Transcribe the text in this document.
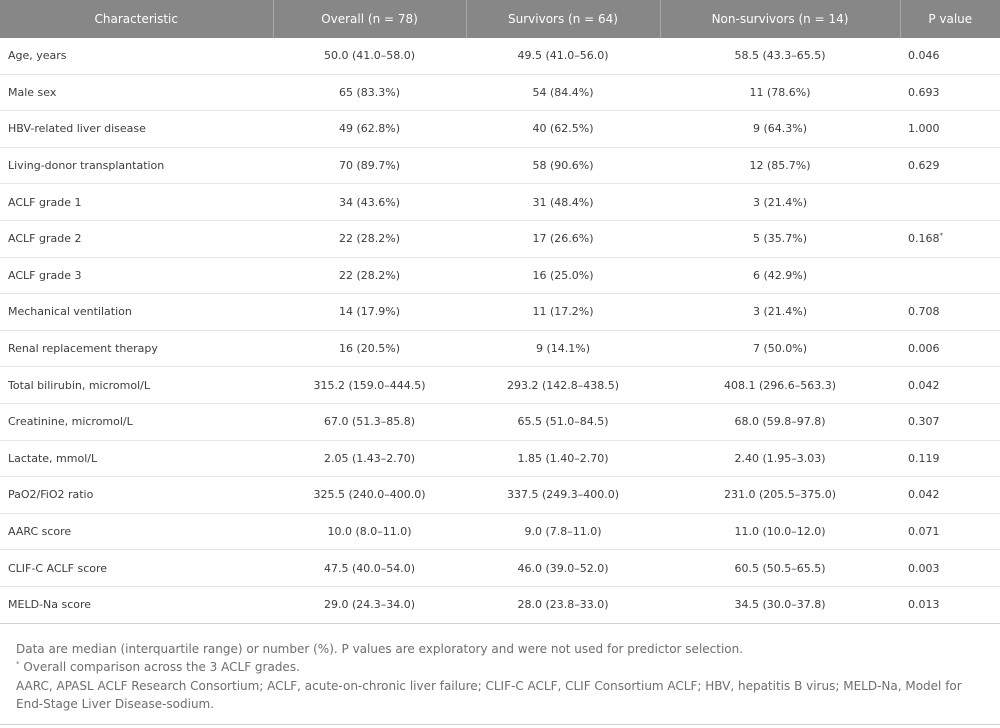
Characteristic	Overall (n = 78)	Survivors (n = 64)	Non-survivors (n = 14)	P value
Age, years	50.0 (41.0–58.0)	49.5 (41.0–56.0)	58.5 (43.3–65.5)	0.046
Male sex	65 (83.3%)	54 (84.4%)	11 (78.6%)	0.693
HBV-related liver disease	49 (62.8%)	40 (62.5%)	9 (64.3%)	1.000
Living-donor transplantation	70 (89.7%)	58 (90.6%)	12 (85.7%)	0.629
ACLF grade 1	34 (43.6%)	31 (48.4%)	3 (21.4%)	
ACLF grade 2	22 (28.2%)	17 (26.6%)	5 (35.7%)	0.168*
ACLF grade 3	22 (28.2%)	16 (25.0%)	6 (42.9%)	
Mechanical ventilation	14 (17.9%)	11 (17.2%)	3 (21.4%)	0.708
Renal replacement therapy	16 (20.5%)	9 (14.1%)	7 (50.0%)	0.006
Total bilirubin, micromol/L	315.2 (159.0–444.5)	293.2 (142.8–438.5)	408.1 (296.6–563.3)	0.042
Creatinine, micromol/L	67.0 (51.3–85.8)	65.5 (51.0–84.5)	68.0 (59.8–97.8)	0.307
Lactate, mmol/L	2.05 (1.43–2.70)	1.85 (1.40–2.70)	2.40 (1.95–3.03)	0.119
PaO2/FiO2 ratio	325.5 (240.0–400.0)	337.5 (249.3–400.0)	231.0 (205.5–375.0)	0.042
AARC score	10.0 (8.0–11.0)	9.0 (7.8–11.0)	11.0 (10.0–12.0)	0.071
CLIF-C ACLF score	47.5 (40.0–54.0)	46.0 (39.0–52.0)	60.5 (50.5–65.5)	0.003
MELD-Na score	29.0 (24.3–34.0)	28.0 (23.8–33.0)	34.5 (30.0–37.8)	0.013

Data are median (interquartile range) or number (%). P values are exploratory and were not used for predictor selection.

* Overall comparison across the 3 ACLF grades.

AARC, APASL ACLF Research Consortium; ACLF, acute-on-chronic liver failure; CLIF-C ACLF, CLIF Consortium ACLF; HBV, hepatitis B virus; MELD-Na, Model for End-Stage Liver Disease-sodium.
